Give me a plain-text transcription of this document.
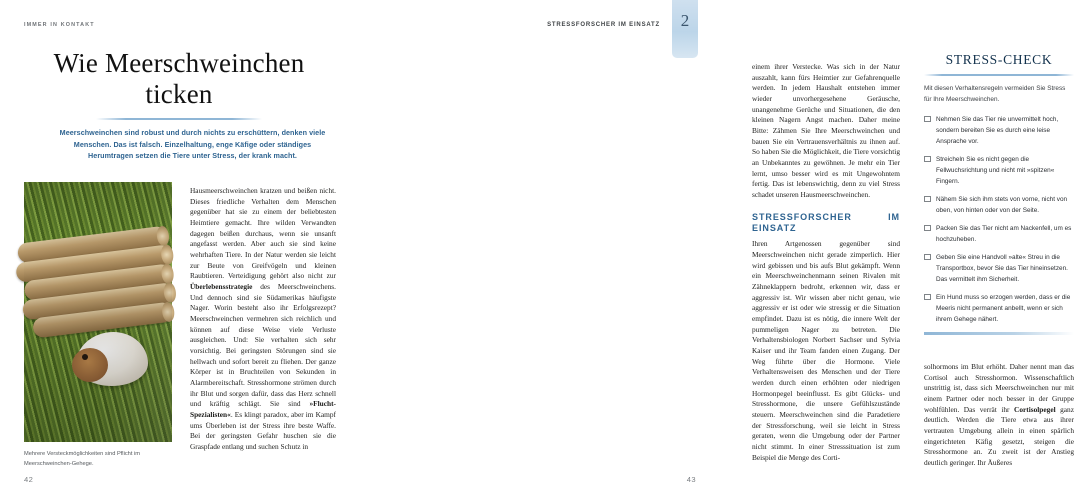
IMMER IN KONTAKT
Wie Meerschweinchen
ticken
Meerschweinchen sind robust und durch nichts zu erschüttern, denken viele Menschen. Das ist falsch. Einzelhaltung, enge Käfige oder ständiges Herumtragen setzen die Tiere unter Stress, der krank macht.
Mehrere Versteckmöglichkeiten sind Pflicht im Meerschweinchen-Gehege.

Hausmeerschweinchen kratzen und beißen nicht. Dieses friedliche Verhalten dem Menschen gegenüber hat sie zu einem der beliebtesten Heimtiere gemacht. Ihre wilden Verwandten dagegen beißen durchaus, wenn sie unsanft angefasst werden. Aber auch sie sind keine wehrhaften Tiere. In der Natur werden sie leicht zur Beute von Greifvögeln und kleinen Raubtieren. Verteidigung gehört also nicht zur Überlebensstrategie des Meerschweinchens. Und dennoch sind sie Südamerikas häufigste Nager. Worin besteht also ihr Erfolgsrezept? Meerschweinchen vermehren sich reichlich und können auf diese Weise viele Verluste ausgleichen. Und: Sie verhalten sich sehr vorsichtig. Bei geringsten Störungen sind sie hellwach und sofort bereit zu fliehen. Der ganze Körper ist in Bruchteilen von Sekunden in Alarmbereitschaft. Stresshormone strömen durch ihr Blut und sorgen dafür, dass das Herz schnell und kräftig schlägt. Sie sind »Flucht-Spezialisten«. Es klingt paradox, aber im Kampf ums Überleben ist der Stress ihre beste Waffe. Bei der geringsten Gefahr huschen sie die Graspfade entlang und suchen Schutz in

42
STRESSFORSCHER IM EINSATZ	2

einem ihrer Verstecke. Was sich in der Natur auszahlt, kann fürs Heimtier zur Gefahrenquelle werden. In jedem Haushalt entstehen immer wieder unvorhergesehene Geräusche, unangenehme Gerüche und Situationen, die den kleinen Nagern Angst machen. Daher meine Bitte: Zähmen Sie Ihre Meerschweinchen und bauen Sie ein Vertrauensverhältnis zu ihnen auf. So haben Sie die Möglichkeit, die Tiere vorsichtig an Unbekanntes zu gewöhnen. Je mehr ein Tier lernt, umso besser wird es mit Ungewohntem fertig. Das ist lebenswichtig, denn zu viel Stress schadet unseren Hausmeerschweinchen.

STRESSFORSCHER IM EINSATZ

Ihren Artgenossen gegenüber sind Meerschweinchen nicht gerade zimperlich. Hier wird gebissen und bis aufs Blut gekämpft. Wenn ein Meerschweinchenmann seinen Rivalen mit Zähneklappern bedroht, erkennen wir, dass er aggressiv ist. Wir wissen aber nicht genau, wie aggressiv er ist oder wie stressig er die Situation empfindet. Dazu ist es nötig, die innere Welt der pummeligen Nager zu betreten. Die Verhaltensbiologen Norbert Sachser und Sylvia Kaiser und ihr Team fanden einen Zugang. Der Weg führte über die Hormone. Viele Verhaltensweisen des Menschen und der Tiere werden durch einen erhöhten oder niedrigen Hormonpegel beeinflusst. Es gibt Glücks- und Stresshormone, die unsere Gefühlszustände steuern. Meerschweinchen sind die Paradetiere der Stressforschung, weil sie leicht in Stress geraten, wenn die Umgebung oder der Partner nicht stimmt. In einer Stresssituation ist zum Beispiel die Menge des Corti-

STRESS-CHECK

Mit diesen Verhaltensregeln vermeiden Sie Stress für Ihre Meerschweinchen.

Nehmen Sie das Tier nie unvermittelt hoch, sondern bereiten Sie es durch eine leise Ansprache vor.
Streicheln Sie es nicht gegen die Fellwuchsrichtung und nicht mit »spitzen« Fingern.
Nähem Sie sich ihm stets von vorne, nicht von oben, von hinten oder von der Seite.
Packen Sie das Tier nicht am Nackenfell, um es hochzuheben.
Geben Sie eine Handvoll »alte« Streu in die Transportbox, bevor Sie das Tier hineinsetzen. Das vermittelt ihm Sicherheit.
Ein Hund muss so erzogen werden, dass er die Meeris nicht permanent anbellt, wenn er sich ihrem Gehege nähert.

solhormons im Blut erhöht. Daher nennt man das Cortisol auch Stresshormon. Wissenschaftlich unstrittig ist, dass sich Meerschweinchen nur mit einem Partner oder noch besser in der Gruppe wohlfühlen. Das verrät ihr Cortisolpegel ganz deutlich. Werden die Tiere etwa aus ihrer vertrauten Umgebung allein in einen spärlich eingerichteten Käfig gesetzt, steigen die Stresshormone an. Zu zweit ist der Anstieg deutlich geringer. Ihr Äußeres

43
